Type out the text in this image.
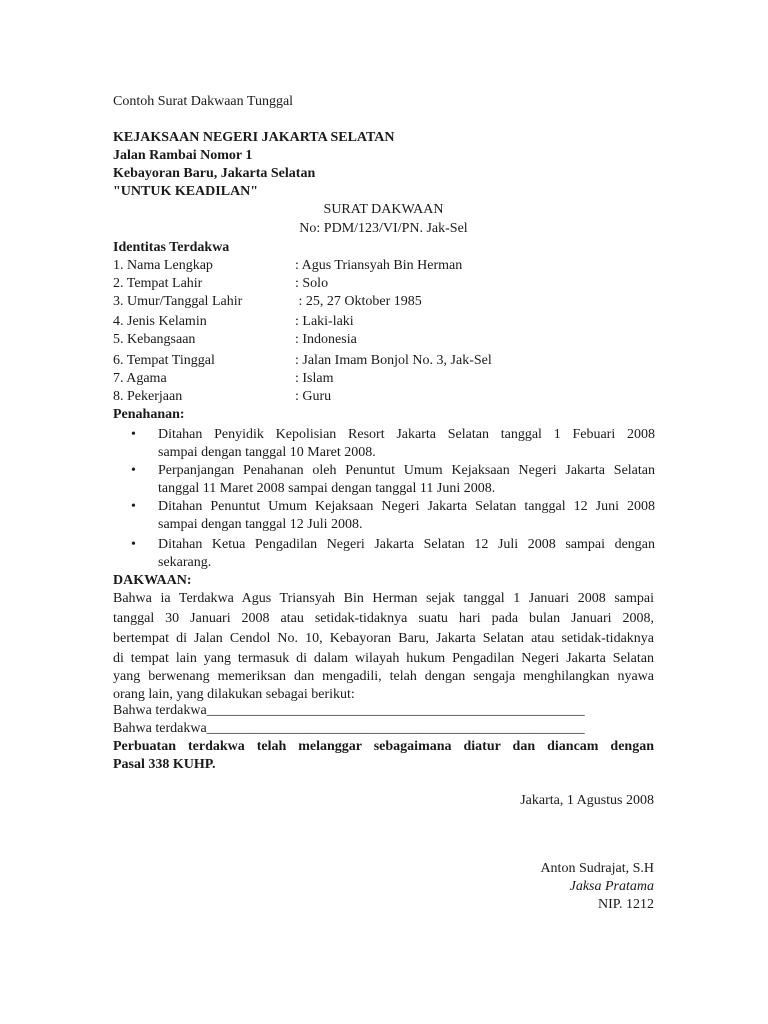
Contoh Surat Dakwaan Tunggal
KEJAKSAAN NEGERI JAKARTA SELATAN
Jalan Rambai Nomor 1
Kebayoran Baru, Jakarta Selatan
"UNTUK KEADILAN"
SURAT DAKWAAN
No: PDM/123/VI/PN. Jak-Sel
Identitas Terdakwa
1. Nama Lengkap	: Agus Triansyah Bin Herman
2. Tempat Lahir	: Solo
3. Umur/Tanggal Lahir	: 25, 27 Oktober 1985
4. Jenis Kelamin	: Laki-laki
5. Kebangsaan	: Indonesia
6. Tempat Tinggal	: Jalan Imam Bonjol No. 3, Jak-Sel
7. Agama	: Islam
8. Pekerjaan	: Guru
Penahanan:
• Ditahan Penyidik Kepolisian Resort Jakarta Selatan tanggal 1 Febuari 2008
sampai dengan tanggal 10 Maret 2008.
• Perpanjangan Penahanan oleh Penuntut Umum Kejaksaan Negeri Jakarta Selatan
tanggal 11 Maret 2008 sampai dengan tanggal 11 Juni 2008.
• Ditahan Penuntut Umum Kejaksaan Negeri Jakarta Selatan tanggal 12 Juni 2008
sampai dengan tanggal 12 Juli 2008.
• Ditahan Ketua Pengadilan Negeri Jakarta Selatan 12 Juli 2008 sampai dengan
sekarang.
DAKWAAN:
Bahwa ia Terdakwa Agus Triansyah Bin Herman sejak tanggal 1 Januari 2008 sampai
tanggal 30 Januari 2008 atau setidak-tidaknya suatu hari pada bulan Januari 2008,
bertempat di Jalan Cendol No. 10, Kebayoran Baru, Jakarta Selatan atau setidak-tidaknya
di tempat lain yang termasuk di dalam wilayah hukum Pengadilan Negeri Jakarta Selatan
yang berwenang memeriksan dan mengadili, telah dengan sengaja menghilangkan nyawa
orang lain, yang dilakukan sebagai berikut:
Bahwa terdakwa______________________________________________________
Bahwa terdakwa______________________________________________________
Perbuatan terdakwa telah melanggar sebagaimana diatur dan diancam dengan
Pasal 338 KUHP.
Jakarta, 1 Agustus 2008
Anton Sudrajat, S.H
Jaksa Pratama
NIP. 1212
